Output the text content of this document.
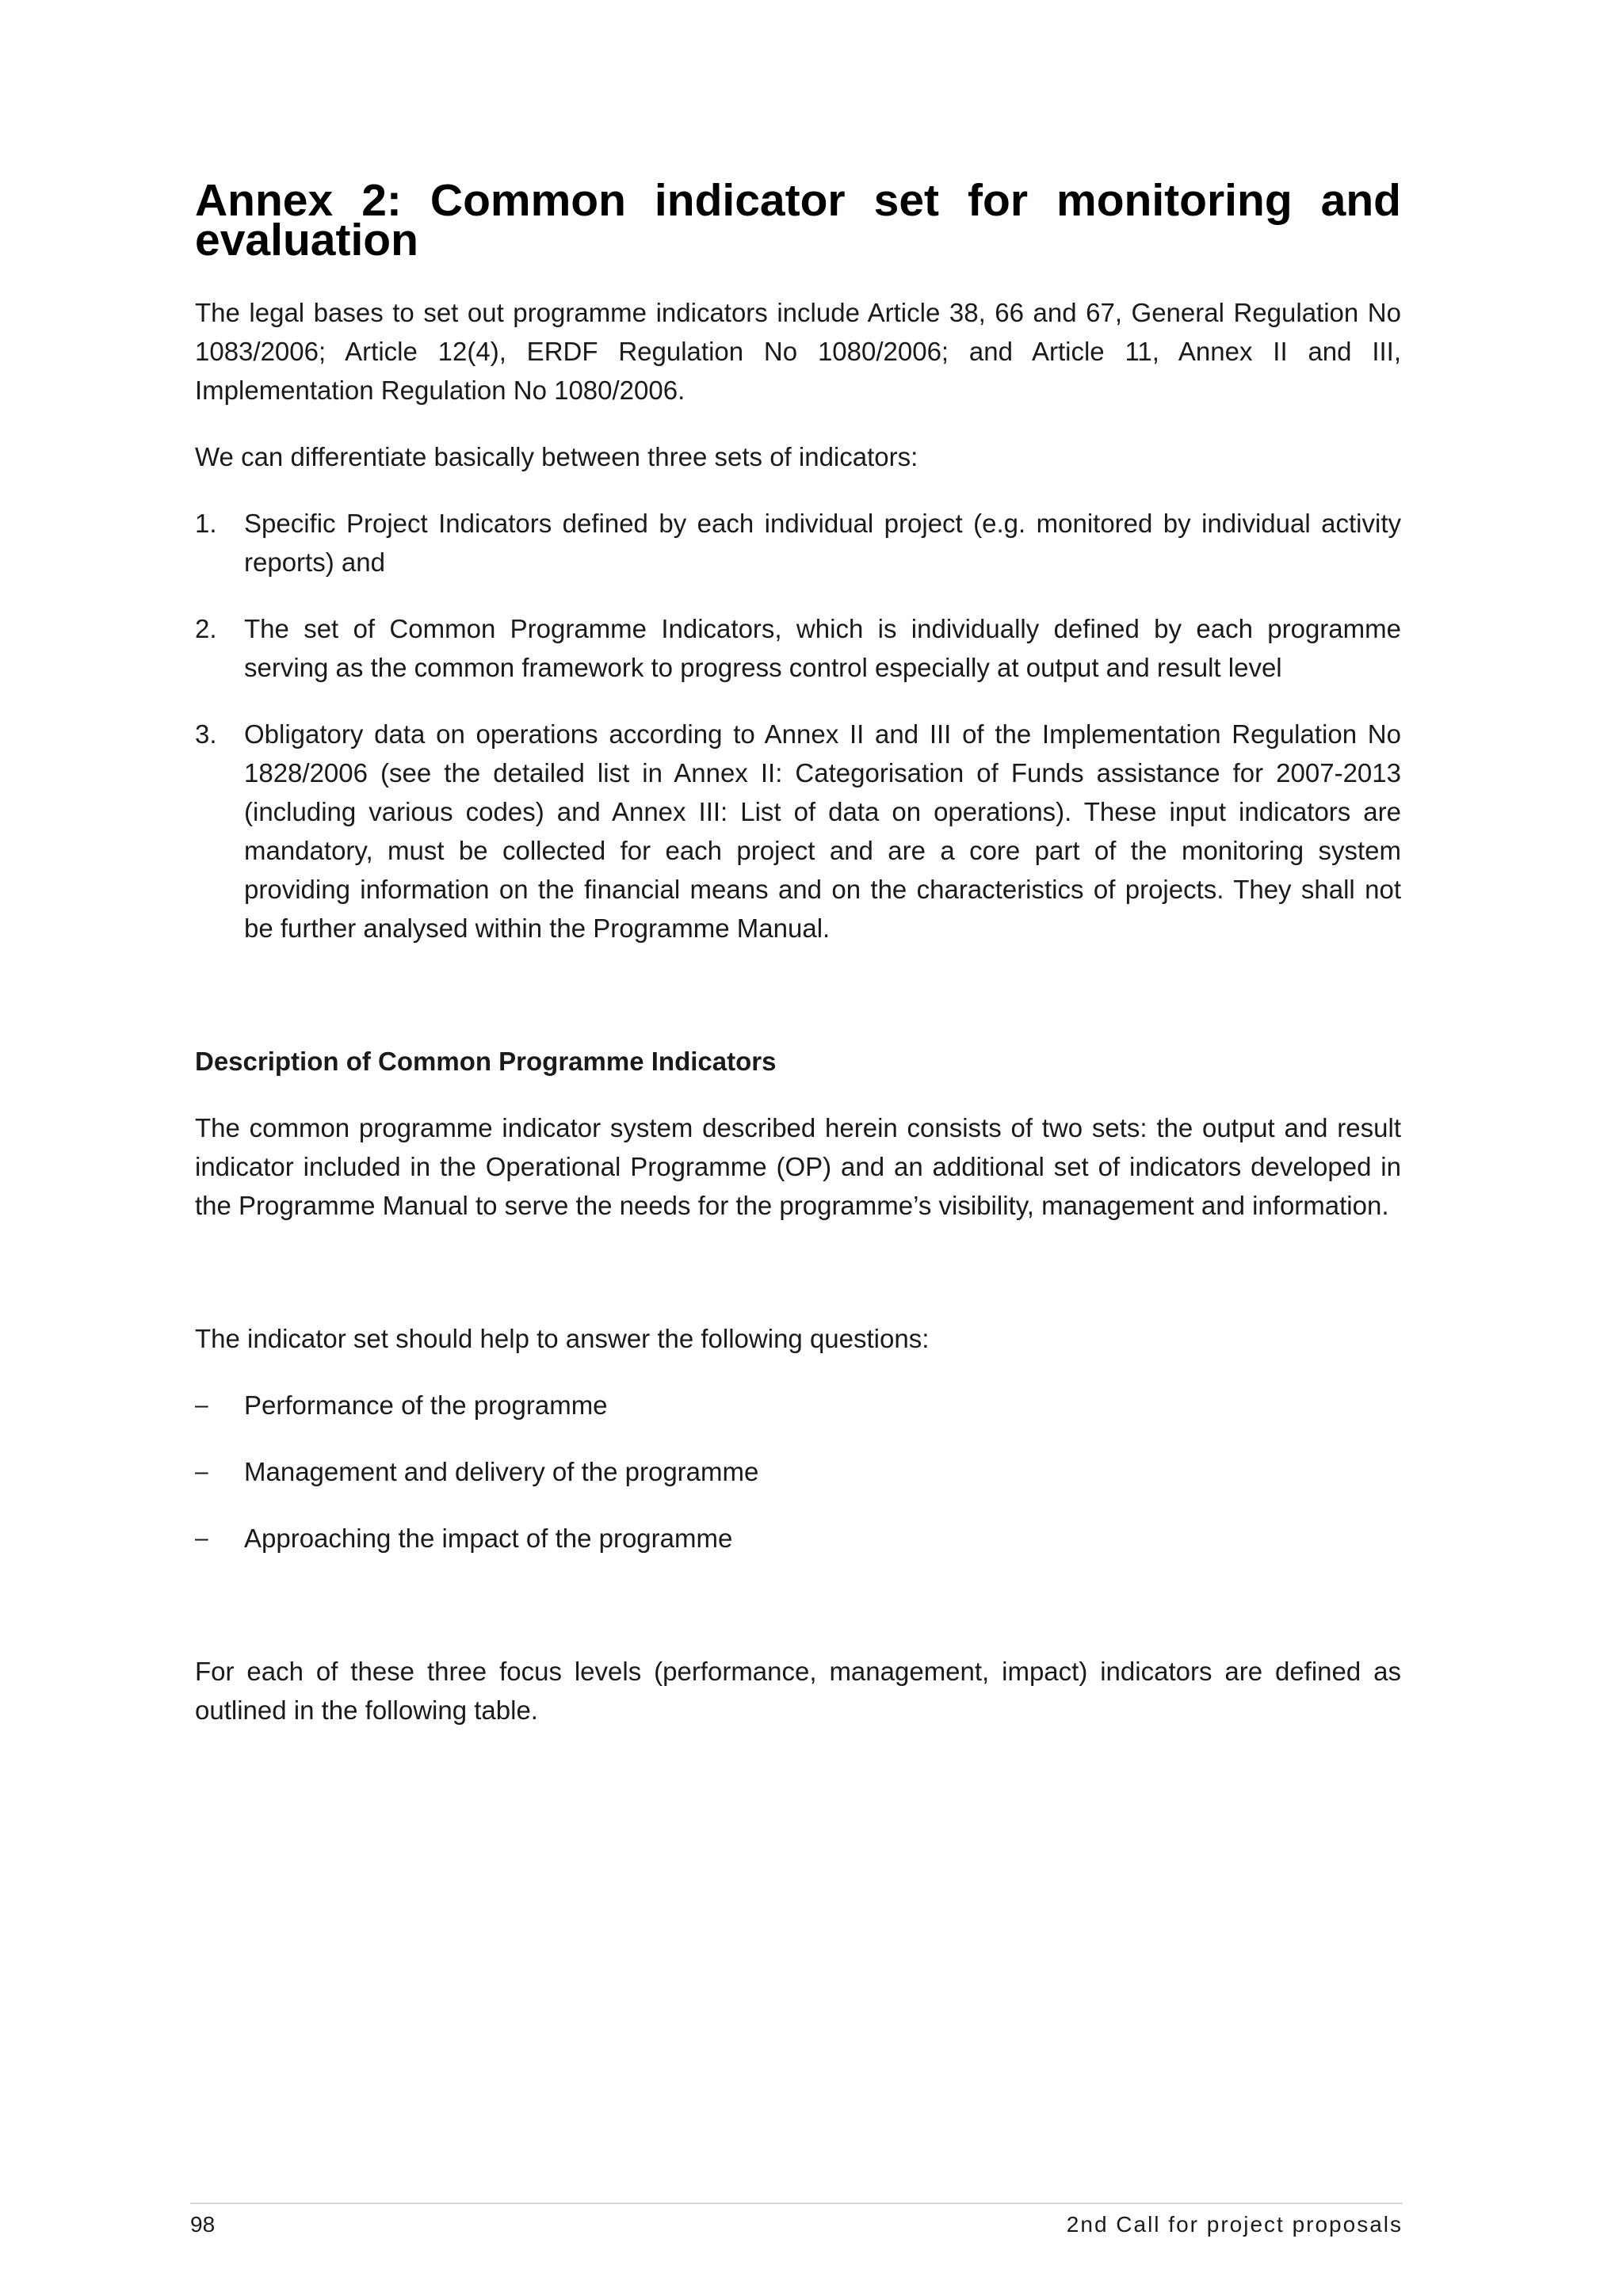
Annex 2: Common indicator set for monitoring and evaluation

The legal bases to set out programme indicators include Article 38, 66 and 67, General Regulation No 1083/2006; Article 12(4), ERDF Regulation No 1080/2006; and Article 11, Annex II and III, Implementation Regulation No 1080/2006.

We can differentiate basically between three sets of indicators:

1. Specific Project Indicators defined by each individual project (e.g. monitored by individual activity reports) and
2. The set of Common Programme Indicators, which is individually defined by each programme serving as the common framework to progress control especially at output and result level
3. Obligatory data on operations according to Annex II and III of the Implementation Regulation No 1828/2006 (see the detailed list in Annex II: Categorisation of Funds assistance for 2007-2013 (including various codes) and Annex III: List of data on operations). These input indicators are mandatory, must be collected for each project and are a core part of the monitoring system providing information on the financial means and on the characteristics of projects. They shall not be further analysed within the Programme Manual.
Description of Common Programme Indicators

The common programme indicator system described herein consists of two sets: the output and result indicator included in the Operational Programme (OP) and an additional set of indicators developed in the Programme Manual to serve the needs for the programme’s visibility, management and information.

The indicator set should help to answer the following questions:

– Performance of the programme
– Management and delivery of the programme
– Approaching the impact of the programme

For each of these three focus levels (performance, management, impact) indicators are defined as outlined in the following table.

98	2nd Call for project proposals
